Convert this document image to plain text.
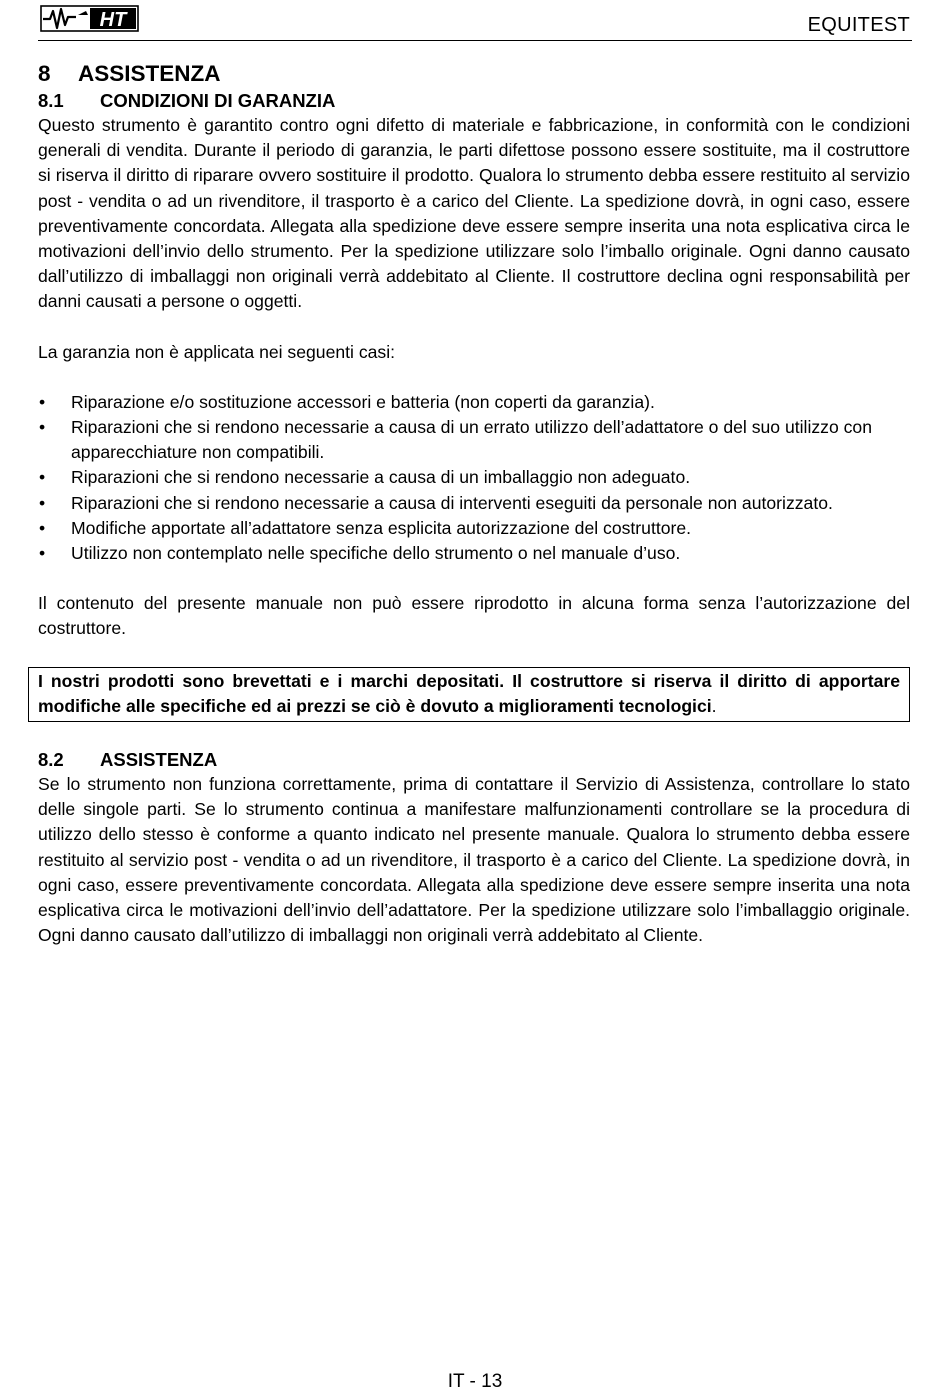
HT	EQUITEST
8 ASSISTENZA
8.1 CONDIZIONI DI GARANZIA

Questo strumento è garantito contro ogni difetto di materiale e fabbricazione, in conformità con le condizioni generali di vendita. Durante il periodo di garanzia, le parti difettose possono essere sostituite, ma il costruttore si riserva il diritto di riparare ovvero sostituire il prodotto. Qualora lo strumento debba essere restituito al servizio post - vendita o ad un rivenditore, il trasporto è a carico del Cliente. La spedizione dovrà, in ogni caso, essere preventivamente concordata. Allegata alla spedizione deve essere sempre inserita una nota esplicativa circa le motivazioni dell’invio dello strumento. Per la spedizione utilizzare solo l’imballo originale. Ogni danno causato dall’utilizzo di imballaggi non originali verrà addebitato al Cliente. Il costruttore declina ogni responsabilità per danni causati a persone o oggetti.

La garanzia non è applicata nei seguenti casi:

• Riparazione e/o sostituzione accessori e batteria (non coperti da garanzia).
• Riparazioni che si rendono necessarie a causa di un errato utilizzo dell’adattatore o del suo utilizzo con apparecchiature non compatibili.
• Riparazioni che si rendono necessarie a causa di un imballaggio non adeguato.
• Riparazioni che si rendono necessarie a causa di interventi eseguiti da personale non autorizzato.
• Modifiche apportate all’adattatore senza esplicita autorizzazione del costruttore.
• Utilizzo non contemplato nelle specifiche dello strumento o nel manuale d’uso.

Il contenuto del presente manuale non può essere riprodotto in alcuna forma senza l’autorizzazione del costruttore.

I nostri prodotti sono brevettati e i marchi depositati. Il costruttore si riserva il diritto di apportare modifiche alle specifiche ed ai prezzi se ciò è dovuto a miglioramenti tecnologici.
8.2 ASSISTENZA

Se lo strumento non funziona correttamente, prima di contattare il Servizio di Assistenza, controllare lo stato delle singole parti. Se lo strumento continua a manifestare malfunzionamenti controllare se la procedura di utilizzo dello stesso è conforme a quanto indicato nel presente manuale. Qualora lo strumento debba essere restituito al servizio post - vendita o ad un rivenditore, il trasporto è a carico del Cliente. La spedizione dovrà, in ogni caso, essere preventivamente concordata. Allegata alla spedizione deve essere sempre inserita una nota esplicativa circa le motivazioni dell’invio dell’adattatore. Per la spedizione utilizzare solo l’imballaggio originale. Ogni danno causato dall’utilizzo di imballaggi non originali verrà addebitato al Cliente.

IT - 13
